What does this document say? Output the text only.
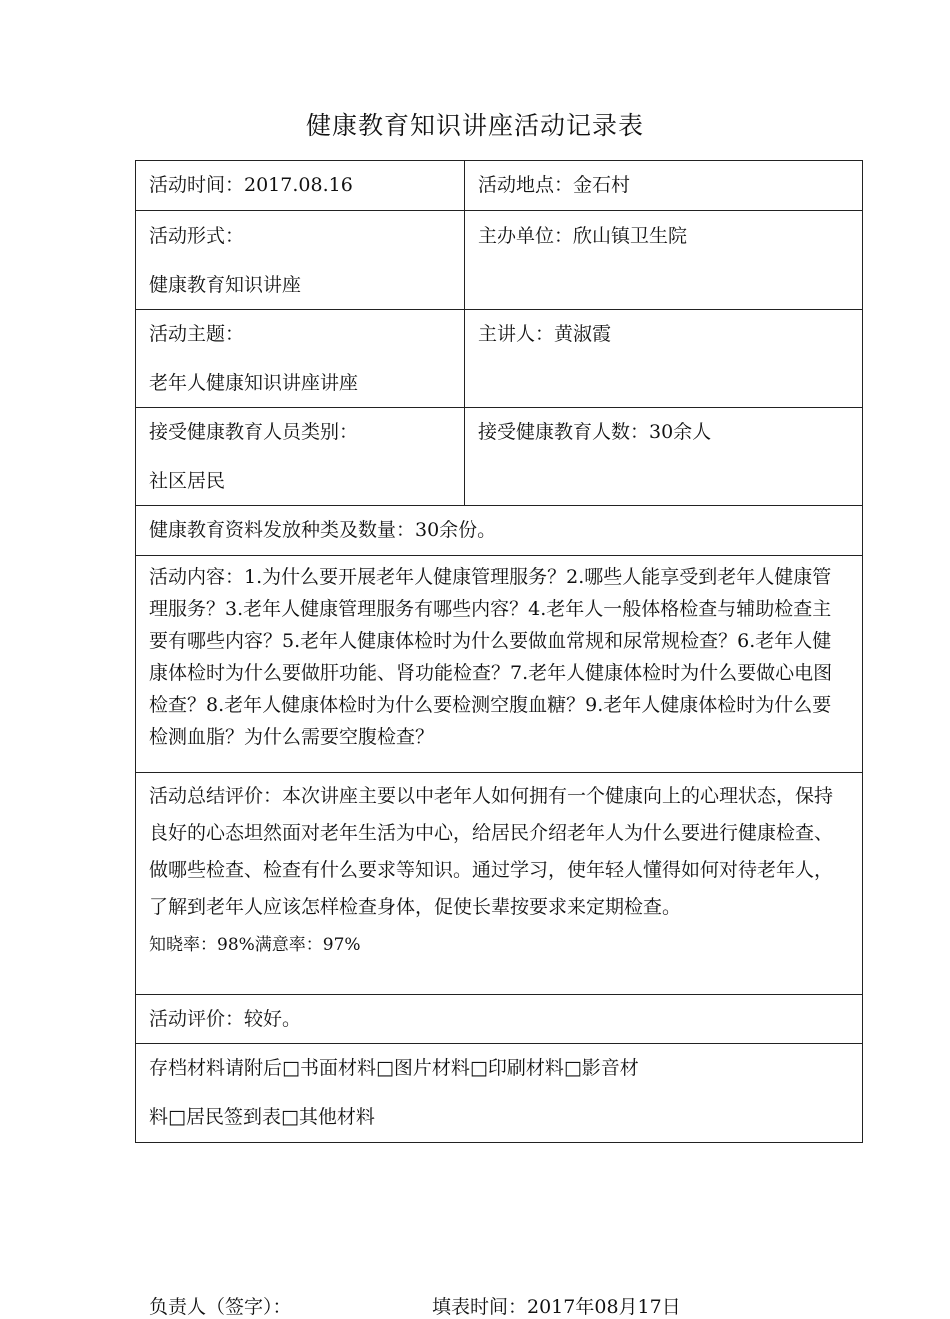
健康教育知识讲座活动记录表
活动时间：2017.08.16	活动地点：金石村

活动形式：
健康教育知识讲座	主办单位：欣山镇卫生院

活动主题：
老年人健康知识讲座讲座	主讲人：黄淑霞

接受健康教育人员类别：
社区居民	接受健康教育人数：30余人

健康教育资料发放种类及数量：30余份。	

活动内容：1.为什么要开展老年人健康管理服务？2.哪些人能享受到老年人健康管理服务？3.老年人健康管理服务有哪些内容？4.老年人一般体格检查与辅助检查主要有哪些内容？5.老年人健康体检时为什么要做血常规和尿常规检查？6.老年人健康体检时为什么要做肝功能、肾功能检查？7.老年人健康体检时为什么要做心电图检查？8.老年人健康体检时为什么要检测空腹血糖？9.老年人健康体检时为什么要检测血脂？为什么需要空腹检查？	

活动总结评价：本次讲座主要以中老年人如何拥有一个健康向上的心理状态，保持良好的心态坦然面对老年生活为中心，给居民介绍老年人为什么要进行健康检查、做哪些检查、检查有什么要求等知识。通过学习，使年轻人懂得如何对待老年人，了解到老年人应该怎样检查身体，促使长辈按要求来定期检查。
知晓率：98%满意率：97%	

活动评价：较好。	

存档材料请附后□书面材料□图片材料□印刷材料□影音材
料□居民签到表□其他材料	
负责人（签字）：	填表时间：2017年08月17日
